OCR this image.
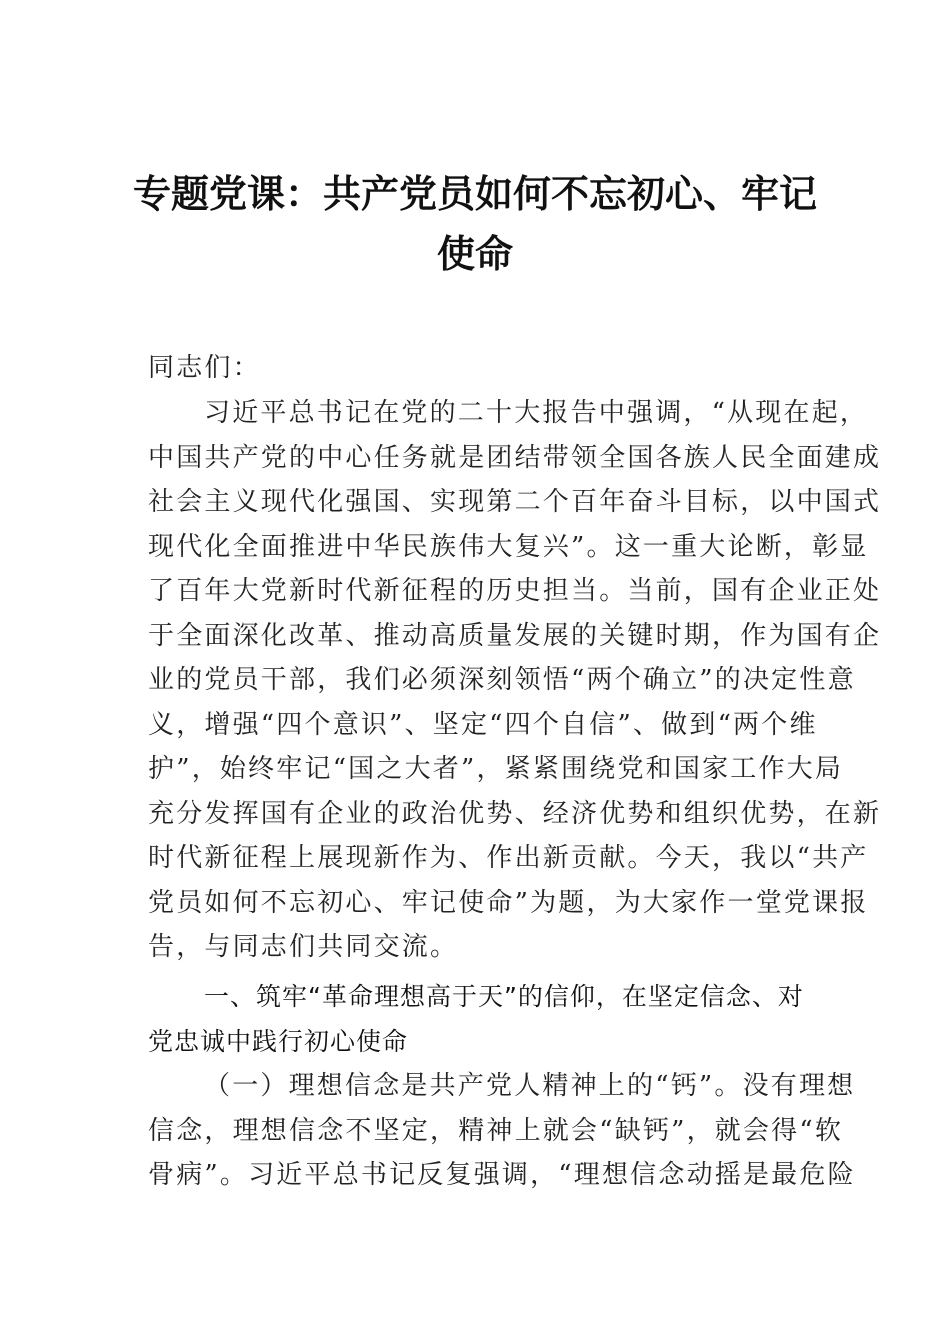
专题党课：共产党员如何不忘初心、牢记
使命
同志们：
习近平总书记在党的二十大报告中强调，“从现在起，
中国共产党的中心任务就是团结带领全国各族人民全面建成
社会主义现代化强国、实现第二个百年奋斗目标，以中国式
现代化全面推进中华民族伟大复兴”。这一重大论断，彰显
了百年大党新时代新征程的历史担当。当前，国有企业正处
于全面深化改革、推动高质量发展的关键时期，作为国有企
业的党员干部，我们必须深刻领悟“两个确立”的决定性意
义，增强“四个意识”、坚定“四个自信”、做到“两个维
护”，始终牢记“国之大者”，紧紧围绕党和国家工作大局
充分发挥国有企业的政治优势、经济优势和组织优势，在新
时代新征程上展现新作为、作出新贡献。今天，我以“共产
党员如何不忘初心、牢记使命”为题，为大家作一堂党课报
告，与同志们共同交流。
一、筑牢“革命理想高于天”的信仰，在坚定信念、对
党忠诚中践行初心使命
（一）理想信念是共产党人精神上的“钙”。没有理想
信念，理想信念不坚定，精神上就会“缺钙”，就会得“软
骨病”。习近平总书记反复强调，“理想信念动摇是最危险
